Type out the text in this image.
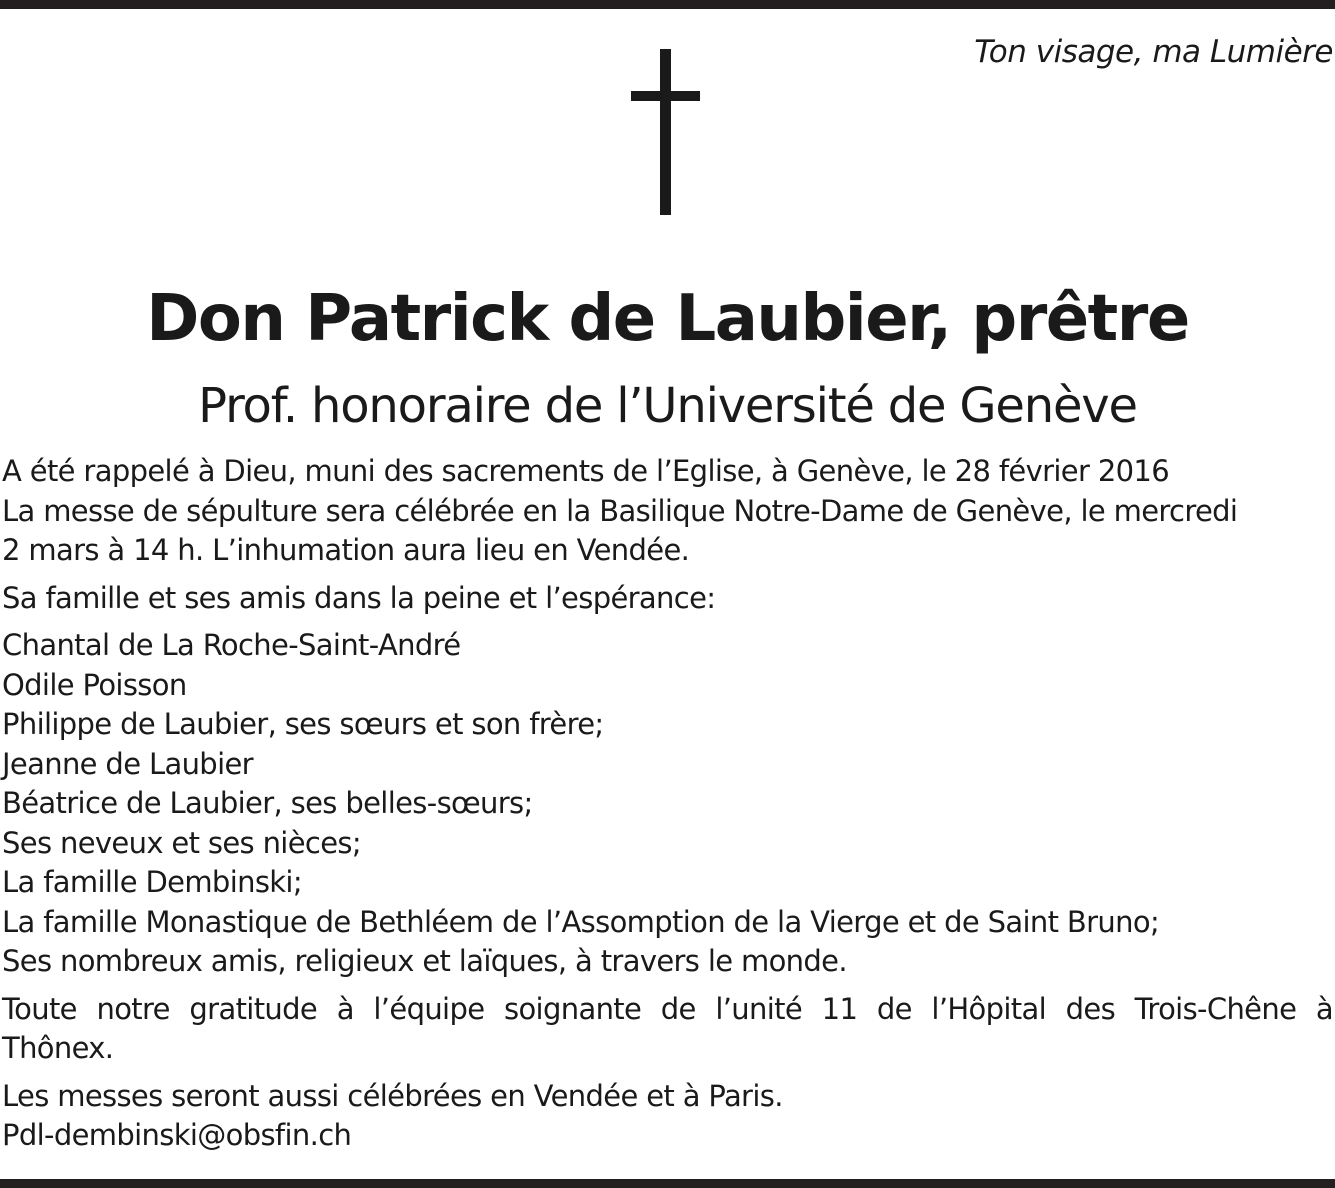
Ton visage, ma Lumière
Don Patrick de Laubier, prêtre
Prof. honoraire de l’Université de Genève

A été rappelé à Dieu, muni des sacrements de l’Eglise, à Genève, le 28 février 2016
La messe de sépulture sera célébrée en la Basilique Notre-Dame de Genève, le mercredi
2 mars à 14 h. L’inhumation aura lieu en Vendée.

Sa famille et ses amis dans la peine et l’espérance:

Chantal de La Roche-Saint-André
Odile Poisson
Philippe de Laubier, ses sœurs et son frère;
Jeanne de Laubier
Béatrice de Laubier, ses belles-sœurs;
Ses neveux et ses nièces;
La famille Dembinski;
La famille Monastique de Bethléem de l’Assomption de la Vierge et de Saint Bruno;
Ses nombreux amis, religieux et laïques, à travers le monde.

Toute notre gratitude à l’équipe soignante de l’unité 11 de l’Hôpital des Trois-Chêne à
Thônex.

Les messes seront aussi célébrées en Vendée et à Paris.

Pdl-dembinski@obsfin.ch
